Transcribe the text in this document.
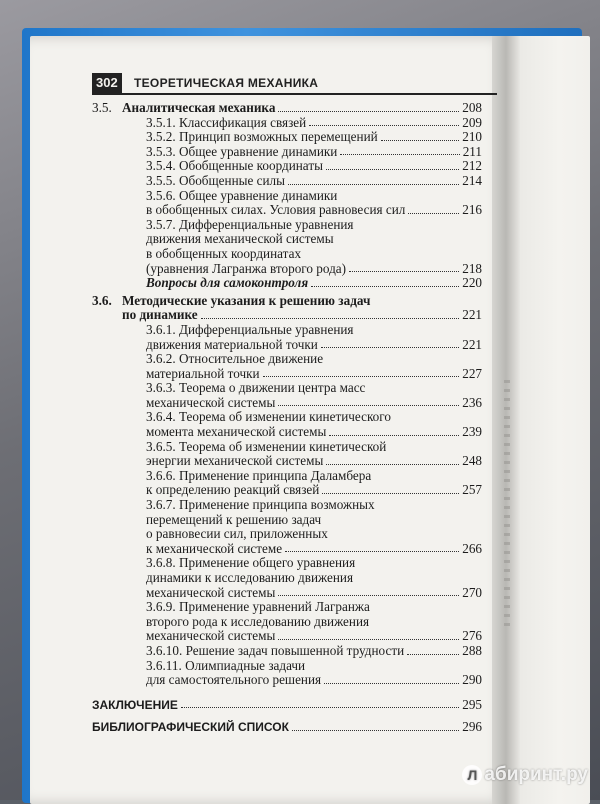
302	ТЕОРЕТИЧЕСКАЯ МЕХАНИКА
3.5. Аналитическая механика	208
3.5.1. Классификация связей	209
3.5.2. Принцип возможных перемещений	210
3.5.3. Общее уравнение динамики	211
3.5.4. Обобщенные координаты	212
3.5.5. Обобщенные силы	214
3.5.6. Общее уравнение динамики
в обобщенных силах. Условия равновесия сил	216
3.5.7. Дифференциальные уравнения
движения механической системы
в обобщенных координатах
(уравнения Лагранжа второго рода)	218
Вопросы для самоконтроля	220
3.6. Методические указания к решению задач
по динамике	221
3.6.1. Дифференциальные уравнения
движения материальной точки	221
3.6.2. Относительное движение
материальной точки	227
3.6.3. Теорема о движении центра масс
механической системы	236
3.6.4. Теорема об изменении кинетического
момента механической системы	239
3.6.5. Теорема об изменении кинетической
энергии механической системы	248
3.6.6. Применение принципа Даламбера
к определению реакций связей	257
3.6.7. Применение принципа возможных
перемещений к решению задач
о равновесии сил, приложенных
к механической системе	266
3.6.8. Применение общего уравнения
динамики к исследованию движения
механической системы	270
3.6.9. Применение уравнений Лагранжа
второго рода к исследованию движения
механической системы	276
3.6.10. Решение задач повышенной трудности	288
3.6.11. Олимпиадные задачи
для самостоятельного решения	290
ЗАКЛЮЧЕНИЕ	295
БИБЛИОГРАФИЧЕСКИЙ СПИСОК	296
Л абиринт.ру
